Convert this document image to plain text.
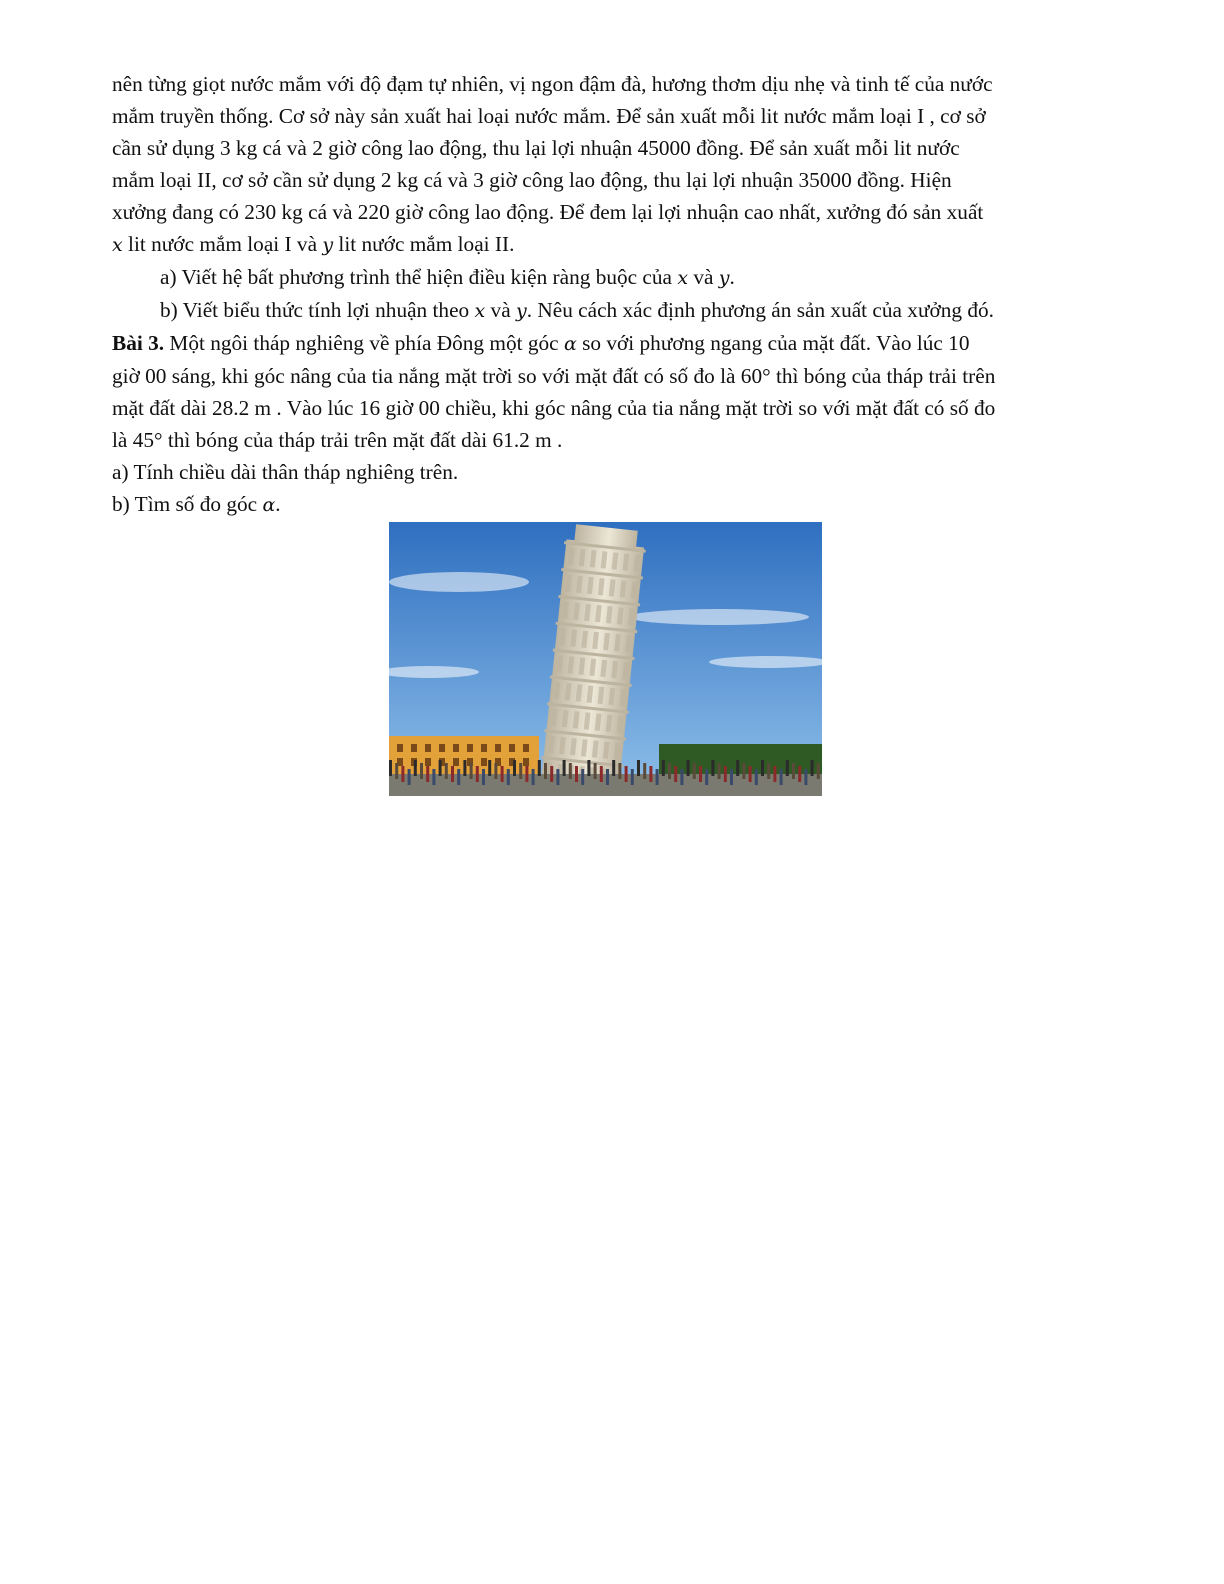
nên từng giọt nước mắm với độ đạm tự nhiên, vị ngon đậm đà, hương thơm dịu nhẹ và tinh tế của nước
mắm truyền thống. Cơ sở này sản xuất hai loại nước mắm. Để sản xuất mỗi lit nước mắm loại I , cơ sở
cần sử dụng 3 kg cá và 2 giờ công lao động, thu lại lợi nhuận 45000 đồng. Để sản xuất mỗi lit nước
mắm loại II, cơ sở cần sử dụng 2 kg cá và 3 giờ công lao động, thu lại lợi nhuận 35000 đồng. Hiện
xưởng đang có 230 kg cá và 220 giờ công lao động. Để đem lại lợi nhuận cao nhất, xưởng đó sản xuất
x lit nước mắm loại I và y lit nước mắm loại II.
a) Viết hệ bất phương trình thể hiện điều kiện ràng buộc của x và y.
b) Viết biểu thức tính lợi nhuận theo x và y. Nêu cách xác định phương án sản xuất của xưởng đó.
Bài 3. Một ngôi tháp nghiêng về phía Đông một góc α so với phương ngang của mặt đất. Vào lúc 10
giờ 00 sáng, khi góc nâng của tia nắng mặt trời so với mặt đất có số đo là 60° thì bóng của tháp trải trên
mặt đất dài 28.2 m . Vào lúc 16 giờ 00 chiều, khi góc nâng của tia nắng mặt trời so với mặt đất có số đo
là 45° thì bóng của tháp trải trên mặt đất dài 61.2 m .
a) Tính chiều dài thân tháp nghiêng trên.
b) Tìm số đo góc α.
